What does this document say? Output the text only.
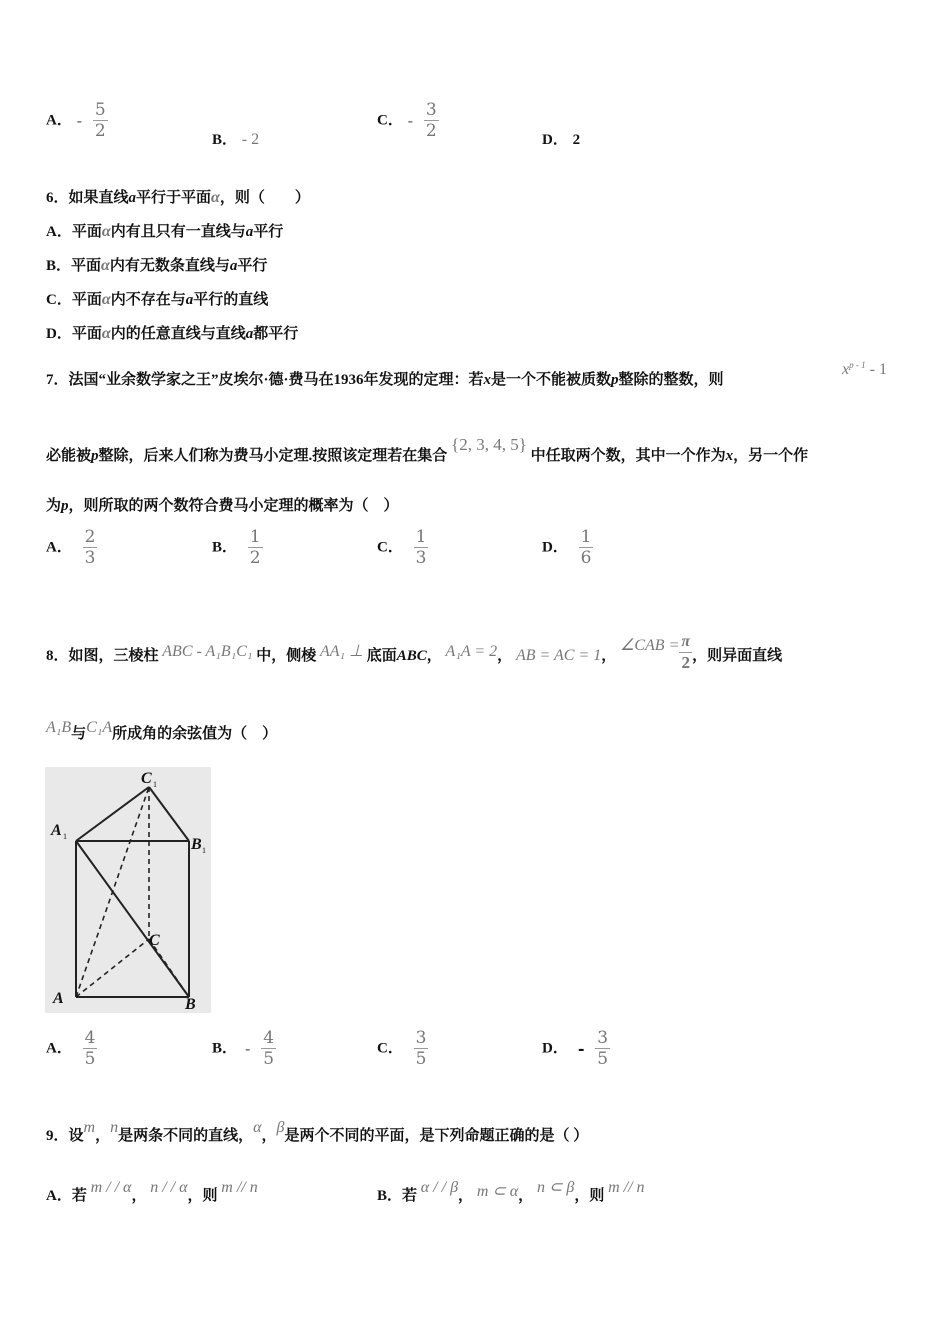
A． - $\frac{5}{2}$	B． - 2
C． - $\frac{3}{2}$	D． 2
6．如果直线a平行于平面α，则（　　）
A．平面α内有且只有一直线与a平行
B．平面α内有无数条直线与a平行
C．平面α内不存在与a平行的直线
D．平面α内的任意直线与直线a都平行
7．法国“业余数学家之王”皮埃尔·德·费马在1936年发现的定理：若x是一个不能被质数p整除的整数，则
$x^{p - 1} - 1$
必能被p整除，后来人们称为费马小定理.按照该定理若在集合 {2, 3, 4, 5} 中任取两个数，其中一个作为x，另一个作
为p，则所取的两个数符合费马小定理的概率为（　）
A． $\frac{2}{3}$	B． $\frac{1}{2}$	C． $\frac{1}{3}$	D． $\frac{1}{6}$
8．如图，三棱柱 ABC - A₁B₁C₁ 中，侧棱 AA₁ ⊥ 底面ABC， A₁A = 2， AB = AC = 1， ∠CAB = $\frac{\pi}{2}$ ，则异面直线
A₁B与C₁A所成角的余弦值为（　）
C 1
A 1	B 1
C
A	B
A． $\frac{4}{5}$	B． - $\frac{4}{5}$	C． $\frac{3}{5}$	D． - $\frac{3}{5}$
9．设m，n是两条不同的直线，α，β是两个不同的平面，是下列命题正确的是（ ）
A．若 m / / α， n / / α，则 m // n	B．若 α / / β， m ⊂ α， n ⊂ β，则 m // n
